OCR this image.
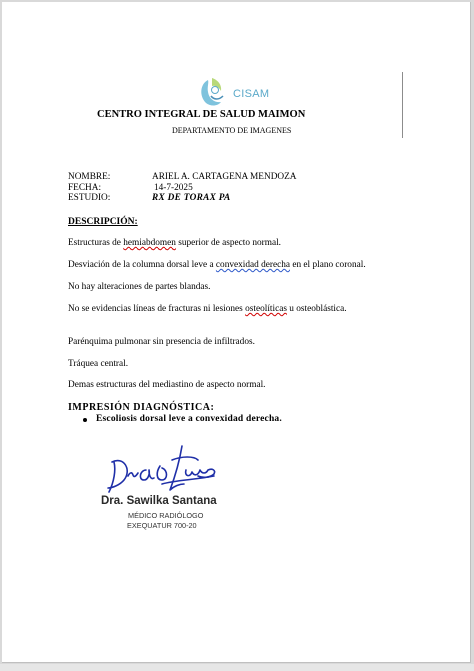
CISAM
CENTRO INTEGRAL DE SALUD MAIMON
DEPARTAMENTO DE IMAGENES
NOMBRE:	ARIEL A. CARTAGENA MENDOZA
FECHA:	14-7-2025
ESTUDIO:	RX DE TORAX PA
DESCRIPCIÓN:
Estructuras de hemiabdomen superior de aspecto normal.
Desviación de la columna dorsal leve a convexidad derecha en el plano coronal.
No hay alteraciones de partes blandas.
No se evidencias líneas de fracturas ni lesiones osteolíticas u osteoblástica.
Parénquima pulmonar sin presencia de infiltrados.
Tráquea central.
Demas estructuras del mediastino de aspecto normal.
IMPRESIÓN DIAGNÓSTICA:
Escoliosis dorsal leve a convexidad derecha.
Dra. Sawilka Santana
MÉDICO RADIÓLOGO
EXEQUATUR 700-20
